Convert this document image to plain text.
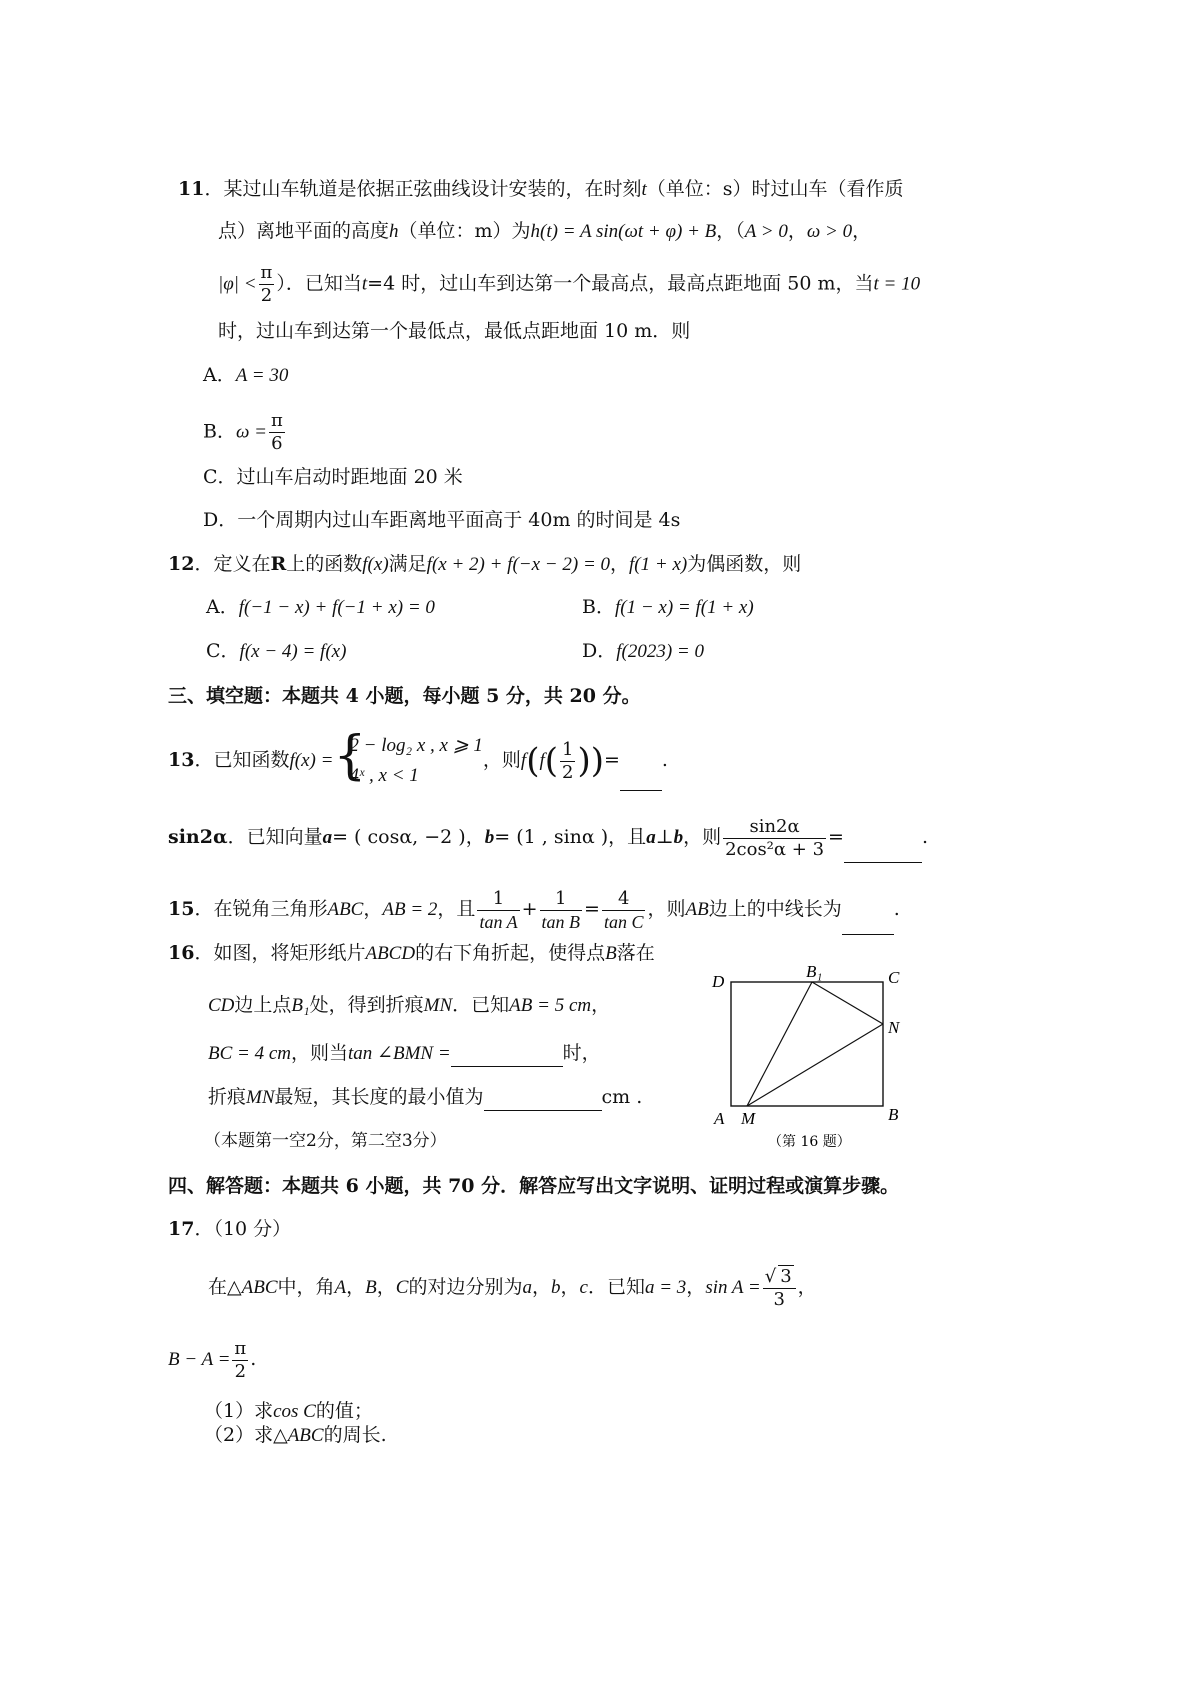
11．某过山车轨道是依据正弦曲线设计安装的，在时刻t（单位：s）时过山车（看作质
点）离地平面的高度h（单位：m）为h(t) = A sin(ωt + φ) + B，（A > 0，ω > 0，
$|\varphi| < \frac{\pi}{2}$ ）．已知当t=4 时，过山车到达第一个最高点，最高点距地面 50 m，当t = 10
时，过山车到达第一个最低点，最低点距地面 10 m．则
A．A = 30
B．$\omega = \frac{\pi}{6}$
C．过山车启动时距地面 20 米
D．一个周期内过山车距离地平面高于 40m 的时间是 4s
12．定义在R上的函数f(x)满足f(x + 2) + f(−x − 2) = 0，f(1 + x)为偶函数，则
A．f(−1 − x) + f(−1 + x) = 0	B．f(1 − x) = f(1 + x)
C．f(x − 4) = f(x)	D．f(2023) = 0
三、填空题：本题共 4 小题，每小题 5 分，共 20 分。
13．已知函数f(x) = {
2 − log₂ x , x ⩾ 1
4ˣ , x < 1
，则$f(f( \frac{1}{2}$ ))= .
sin2α．已知向量a= ( cosα, −2 )，b= (1 , sinα )，且a⊥b，则 $\frac{\sin 2\alpha}{\text{2cos²α + 3}}$ =	.
15．在锐角三角形ABC，AB = 2，且 $\frac{1}{\text{tan A}} + \frac{1}{\text{tan B}} = \frac{4}{\text{tan C}}$ ，则AB边上的中线长为	.
16．如图，将矩形纸片ABCD的右下角折起，使得点B落在
CD边上点B₁处，得到折痕MN．已知AB = 5 cm，
BC = 4 cm，则当tan ∠BMN =	时，
折痕MN最短，其长度的最小值为	cm .
（本题第一空2分，第二空3分）
D
B₁	C
N
A M	B
（第 16 题）
四、解答题：本题共 6 小题，共 70 分．解答应写出文字说明、证明过程或演算步骤。
17．（10 分）
在△ABC中，角A，B，C的对边分别为a，b，c．已知a = 3，$\sin A = \frac{√ 3}{3}$ ，
$B - A = \frac{\pi}{2}$ .
（1）求cos C的值；
（2）求△ABC的周长.
